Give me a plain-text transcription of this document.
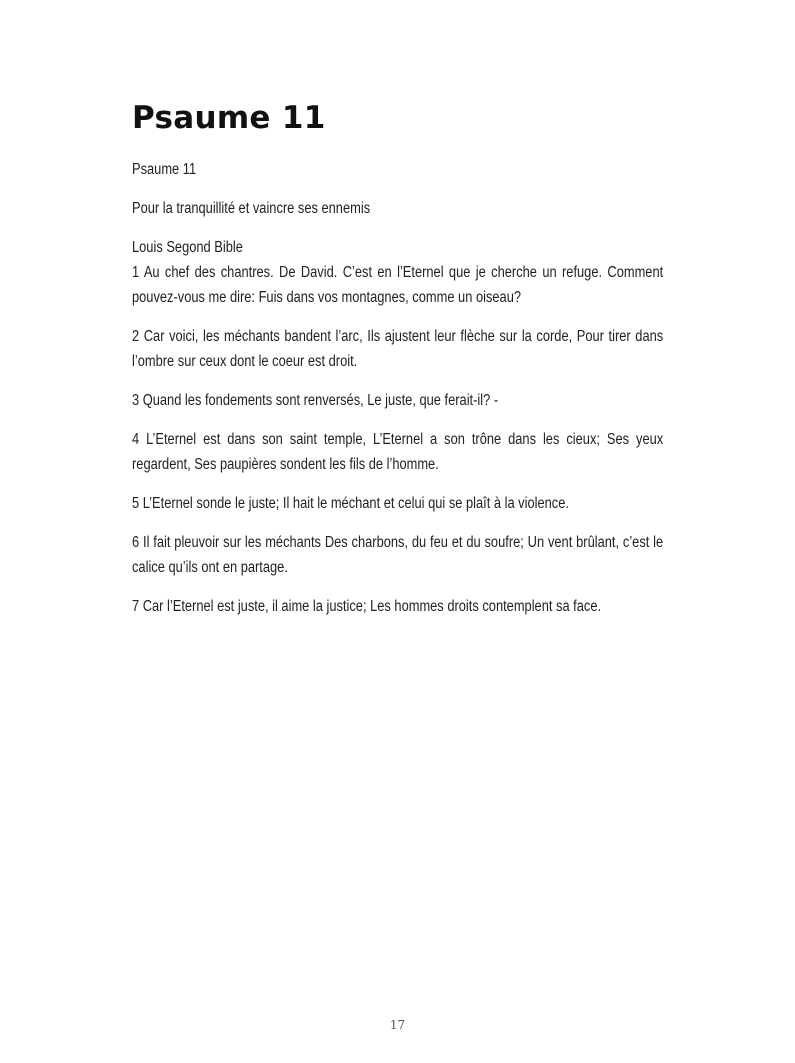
Psaume 11

Psaume 11

Pour la tranquillité et vaincre ses ennemis

Louis Segond Bible

1 Au chef des chantres. De David. C’est en l’Eternel que je cherche un refuge. Comment pouvez-vous me dire: Fuis dans vos montagnes, comme un oiseau?

2 Car voici, les méchants bandent l’arc, Ils ajustent leur flèche sur la corde, Pour tirer dans l’ombre sur ceux dont le coeur est droit.

3 Quand les fondements sont renversés, Le juste, que ferait-il? -

4 L’Eternel est dans son saint temple, L’Eternel a son trône dans les cieux; Ses yeux regardent, Ses paupières sondent les fils de l’homme.

5 L’Eternel sonde le juste; Il hait le méchant et celui qui se plaît à la violence.

6 Il fait pleuvoir sur les méchants Des charbons, du feu et du soufre; Un vent brûlant, c’est le calice qu’ils ont en partage.

7 Car l’Eternel est juste, il aime la justice; Les hommes droits contemplent sa face.

17
